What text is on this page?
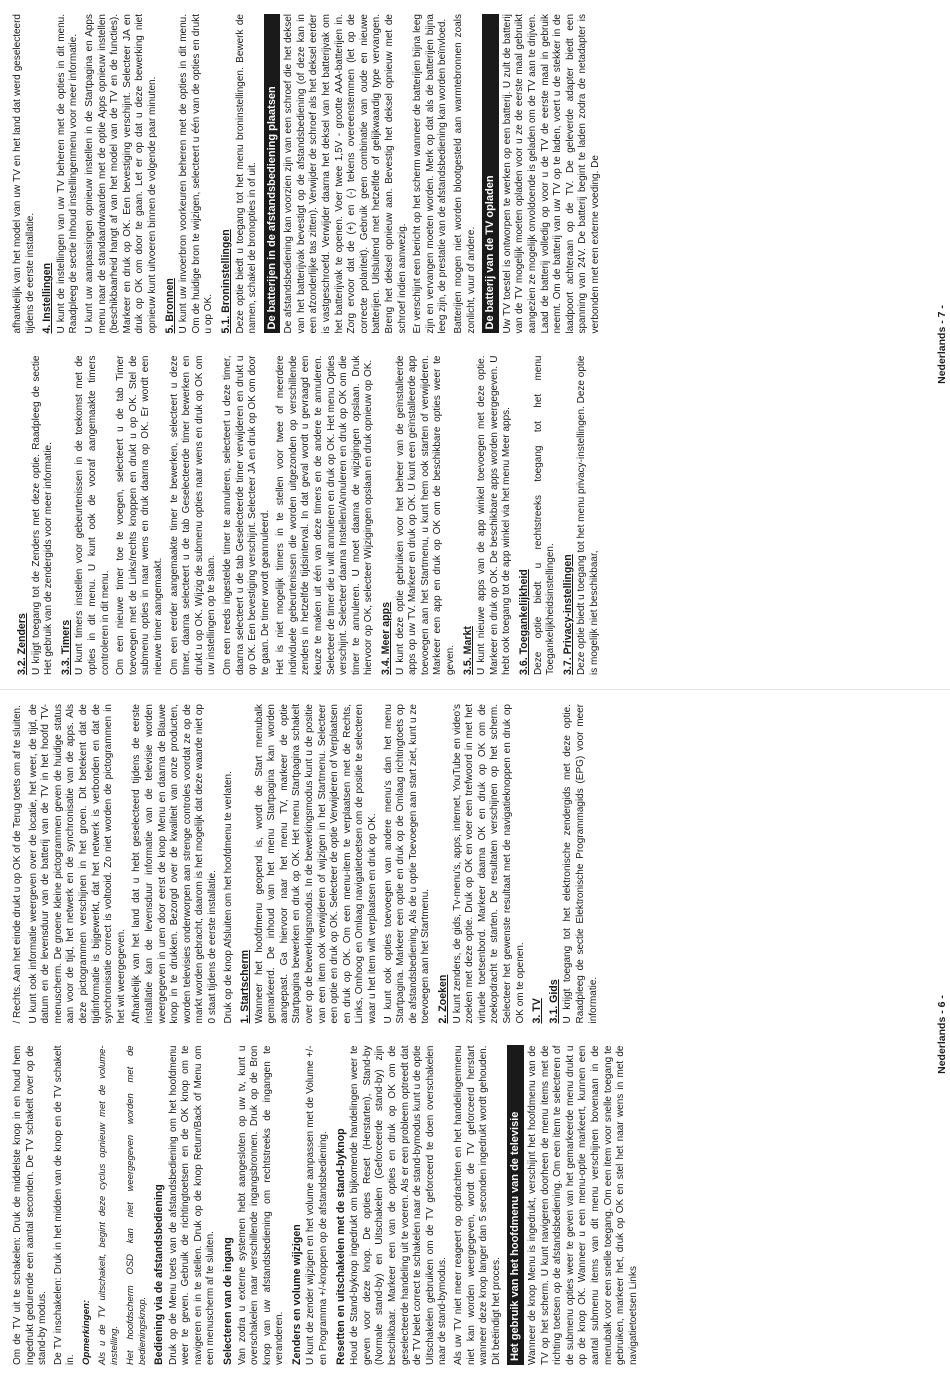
Om de TV uit te schakelen: Druk de middelste knop in en houd hem ingedrukt gedurende een aantal seconden. De TV schakelt over op de stand-by modus. De TV inschakelen: Druk in het midden van de knop en de TV schakelt in. Opmerkingen: Als u de TV uitschakelt, begint deze cyclus opnieuw met de volume-instelling. Het hoofdscherm OSD kan niet weergegeven worden met de bedieningsknop. Bediening via de afstandsbediening Druk op de Menu toets van de afstandsbediening om het hoofdmenu weer te geven. Gebruik de richtingtoetsen en de OK knop om te navigeren en in te stellen. Druk op de knop Return/Back of Menu om een menuscherm af te sluiten. Selecteren van de ingang Van zodra u externe systemen hebt aangesloten op uw tv, kunt u overschakelen naar verschillende ingangsbronnen. Druk op de Bron knop van uw afstandsbediening om rechtstreeks de ingangen te veranderen. Zenders en volume wijzigen U kunt de zender wijzigen en het volume aanpassen met de Volume +/- en Programma +/-knoppen op de afstandsbediening. Resetten en uitschakelen met de stand-byknop Houd de Stand-byknop ingedrukt om bijkomende handelingen weer te geven voor deze knop. De opties Reset (Herstarten), Stand-by (Normale stand-by) en Uitschakelen (Geforceerde stand-by) zijn beschikbaar. Markeer een van de opties en druk op OK om de geselecteerde handeling uit te voeren. Als er een probleem optreedt dat de TV belet correct te schakelen naar de stand-bymodus kunt u de optie Uitschakelen gebruiken om de TV geforceerd te doen overschakelen naar de stand-bymodus. Als uw TV niet meer reageert op opdrachten en het handelingenmenu niet kan worden weergegeven, wordt de TV geforceerd herstart wanneer deze knop langer dan 5 seconden ingedrukt wordt gehouden. Dit beëindigt het proces. Het gebruik van het hoofdmenu van de televisie Wanneer de knop Menu is ingedrukt, verschijnt het hoofdmenu van de TV op het scherm. U kunt navigeren doorheen de menu items met de richting toetsen op de afstandsbediening. Om een item te selecteren of de submenu opties weer te geven van het gemarkeerde menu drukt u op de knop OK. Wanneer u een menu-optie markeert, kunnen een aantal submenu items van dit menu verschijnen bovenaan in de menubalk voor een snelle toegang. Om een item voor snelle toegang te gebruiken, markeer het, druk op OK en stel het naar wens in met de navigatietoetsen Links

/ Rechts. Aan het einde drukt u op OK of de Terug toets om af te sluiten. U kunt ook informatie weergeven over de locatie, het weer, de tijd, de datum en de levensduur van de batterij van de TV in het hoofd TV-menuscherm. De groene kleine pictogrammen geven de huidige status aan voor de tijd, het netwerk en de synchronisatie van de apps. Als deze pictogrammen verschijnen in het groen. Dit betekent dat de tijdinformatie is bijgewerkt, dat het netwerk is verbonden en dat de synchronisatie correct is voltooid. Zo niet worden de pictogrammen in het wit weergegeven. Afhankelijk van het land dat u hebt geselecteerd tijdens de eerste installatie kan de levensduur informatie van de televisie worden weergegeven in uren door eerst de knop Menu en daarna de Blauwe knop in te drukken. Bezorgd over de kwaliteit van onze producten, worden televisies onderworpen aan strenge controles voordat ze op de markt worden gebracht, daarom is het mogelijk dat deze waarde niet op 0 staat tijdens de eerste installatie. Druk op de knop Afsluiten om het hoofdmenu te verlaten. 1. Startscherm Wanneer het hoofdmenu geopend is, wordt de Start menubalk gemarkeerd. De inhoud van het menu Startpagina kan worden aangepast. Ga hiervoor naar het menu TV, markeer de optie Startpagina bewerken en druk op OK. Het menu Startpagina schakelt over op de bewerkingsmodus. In de bewerkingsmodus kunt u de positie van een item ook verwijderen of wijzigen in het Startmenu. Selecteer een optie en druk op OK. Selecteer de optie Verwijderen of Verplaatsen en druk op OK. Om een menu-item te verplaatsen met de Rechts, Links, Omhoog en Omlaag navigatietoetsen om de positie te selecteren waar u het item wilt verplaatsen en druk op OK. U kunt ook opties toevoegen van andere menu's dan het menu Startpagina. Markeer een optie en druk op de Omlaag richtingtoets op de afstandsbediening. Als de u optie Toevoegen aan start ziet, kunt u ze toevoegen aan het Startmenu. 2. Zoeken U kunt zenders, de gids, Tv-menu's, apps, internet, YouTube en video's zoeken met deze optie. Druk op OK en voer een trefwoord in met het virtuele toetsenbord. Markeer daarna OK en druk op OK om de zoekopdracht te starten. De resultaten verschijnen op het scherm. Selecteer het gewenste resultaat met de navigatieknoppen en druk op OK om te openen. 3. TV 3.1. Gids U krijgt toegang tot het elektronische zendergids met deze optie. Raadpleeg de sectie Elektronische Programmagids (EPG) voor meer informatie.	Nederlands - 6 -
3.2. Zenders U krijgt toegang tot de Zenders met deze optie. Raadpleeg de sectie Het gebruik van de zendergids voor meer informatie. 3.3. Timers U kunt timers instellen voor gebeurtenissen in de toekomst met de opties in dit menu. U kunt ook de vooraf aangemaakte timers controleren in dit menu. Om een nieuwe timer toe te voegen, selecteert u de tab Timer toevoegen met de Links/rechts knoppen en drukt u op OK. Stel de submenu opties in naar wens en druk daarna op OK. Er wordt een nieuwe timer aangemaakt. Om een eerder aangemaakte timer te bewerken, selecteert u deze timer, daarna selecteert u de tab Geselecteerde timer bewerken en drukt u op OK. Wijzig de submenu opties naar wens en druk op OK om uw instellingen op te slaan. Om een reeds ingestelde timer te annuleren, selecteert u deze timer, daarna selecteert u de tab Geselecteerde timer verwijderen en drukt u op OK. Een bevestiging verschijnt. Selecteer JA en druk op OK om door te gaan. De timer wordt geannuleerd. Het is niet mogelijk timers in te stellen voor twee of meerdere individuele gebeurtenissen die worden uitgezonden op verschillende zenders in hetzelfde tijdsinterval. In dat geval wordt u gevraagd een keuze te maken uit één van deze timers en de andere te annuleren. Selecteer de timer die u wilt annuleren en druk op OK. Het menu Opties verschijnt. Selecteer daarna Instellen/Annuleren en druk op OK om die timer te annuleren. U moet daarna de wijzigingen opslaan. Druk hiervoor op OK, selecteer Wijzigingen opslaan en druk opnieuw op OK. 3.4. Meer apps U kunt deze optie gebruiken voor het beheer van de geïnstalleerde apps op uw TV. Markeer en druk op OK. U kunt een geïnstalleerde app toevoegen aan het Startmenu, u kunt hem ook starten of verwijderen. Markeer een app en druk op OK om de beschikbare opties weer te geven. 3.5. Markt U kunt nieuwe apps van de app winkel toevoegen met deze optie. Markeer en druk op OK. De beschikbare apps worden weergegeven. U hebt ook toegang tot de app winkel via het menu Meer apps. 3.6. Toegankelijkheid Deze optie biedt u rechtstreeks toegang tot het menu Toegankelijkheidsinstellingen. 3.7. Privacy-instellingen Deze optie biedt u toegang tot het menu privacy-instellingen. Deze optie is mogelijk niet beschikbaar,

afhankelijk van het model van uw TV en het land dat werd geselecteerd tijdens de eerste installatie. 4. Instellingen U kunt de instellingen van uw TV beheren met de opties in dit menu. Raadpleeg de sectie Inhoud instellingenmenu voor meer informatie. U kunt uw aanpassingen opnieuw instellen in de Startpagina en Apps menu naar de standaardwaarden met de optie Apps opnieuw instellen (beschikbaarheid hangt af van het model van de TV en de functies). Markeer en druk op OK. Een bevestiging verschijnt. Selecteer JA en druk op OK om door te gaan. Let er op dat u deze bewerking niet opnieuw kunt uitvoeren binnen de volgende paar minuten. 5. Bronnen U kunt uw invoerbron voorkeuren beheren met de opties in dit menu. Om de huidige bron te wijzigen, selecteert u één van de opties en drukt u op OK. 5.1. Broninstellingen Deze optie biedt u toegang tot het menu broninstellingen. Bewerk de namen, schakel de bronopties in of uit. De batterijen in de afstandsbediening plaatsen De afstandsbediening kan voorzien zijn van een schroef die het deksel van het batterijvak bevestigt op de afstandsbediening (of deze kan in een afzonderlijke tas zitten). Verwijder de schroef als het deksel eerder is vastgeschroefd. Verwijder daarna het deksel van het batterijvak om het batterijvak te openen. Voer twee 1,5V - grootte AAA-batterijen in. Zorg ervoor dat de (+) en (-) tekens overeenstemmen (let op de correcte polariteit). Gebruik geen combinatie van oude en nieuwe batterijen. Uitsluitend met hetzelfde of gelijkwaardig type vervangen. Breng het deksel opnieuw aan. Bevestig het deksel opnieuw met de schroef indien aanwezig. Er verschijnt een bericht op het scherm wanneer de batterijen bijna leeg zijn en vervangen moeten worden. Merk op dat als de batterijen bijna leeg zijn, de prestatie van de afstandsbediening kan worden beïnvloed. Batterijen mogen niet worden blootgesteld aan warmtebronnen zoals zonlicht, vuur of andere. De batterij van de TV opladen Uw TV toestel is ontworpen te werken op een batterij. U zult de batterij van de TV mogelijk moeten opladen voor u ze de eerste maal gebruikt aangezien ze mogelijk onvoldoende is geladen om de TV aan te drijven. Laad de batterij volledig op voor u de TV de eerste maal in gebruik neemt. Om de batterij van uw TV op te laden, voert u de stekker in de laadpoort achteraan op de TV. De geleverde adapter biedt een spanning van 24V. De batterij begint te laden zodra de netadapter is verbonden met een externe voeding. De

Nederlands - 7 -
